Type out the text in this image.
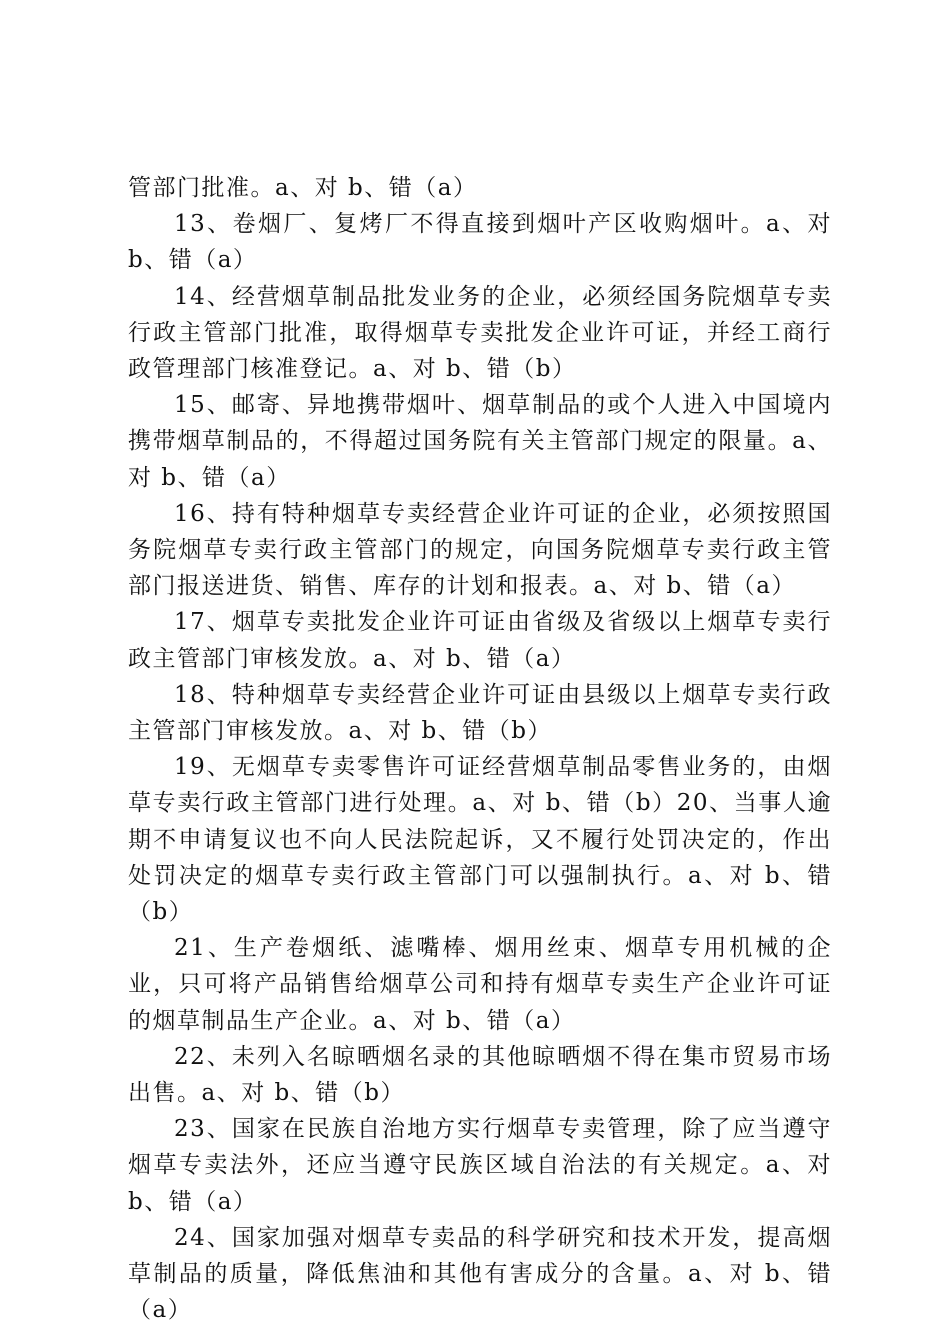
管部门批准。a、对 b、错（a）

13、卷烟厂、复烤厂不得直接到烟叶产区收购烟叶。a、对 b、错（a）

14、经营烟草制品批发业务的企业，必须经国务院烟草专卖行政主管部门批准，取得烟草专卖批发企业许可证，并经工商行政管理部门核准登记。a、对 b、错（b）

15、邮寄、异地携带烟叶、烟草制品的或个人进入中国境内携带烟草制品的，不得超过国务院有关主管部门规定的限量。a、对 b、错（a）

16、持有特种烟草专卖经营企业许可证的企业，必须按照国务院烟草专卖行政主管部门的规定，向国务院烟草专卖行政主管部门报送进货、销售、库存的计划和报表。a、对 b、错（a）

17、烟草专卖批发企业许可证由省级及省级以上烟草专卖行政主管部门审核发放。a、对 b、错（a）

18、特种烟草专卖经营企业许可证由县级以上烟草专卖行政主管部门审核发放。a、对 b、错（b）

19、无烟草专卖零售许可证经营烟草制品零售业务的，由烟草专卖行政主管部门进行处理。a、对 b、错（b）20、当事人逾期不申请复议也不向人民法院起诉，又不履行处罚决定的，作出处罚决定的烟草专卖行政主管部门可以强制执行。a、对 b、错（b）

21、生产卷烟纸、滤嘴棒、烟用丝束、烟草专用机械的企业，只可将产品销售给烟草公司和持有烟草专卖生产企业许可证的烟草制品生产企业。a、对 b、错（a）

22、未列入名晾晒烟名录的其他晾晒烟不得在集市贸易市场出售。a、对 b、错（b）

23、国家在民族自治地方实行烟草专卖管理，除了应当遵守烟草专卖法外，还应当遵守民族区域自治法的有关规定。a、对 b、错（a）

24、国家加强对烟草专卖品的科学研究和技术开发，提高烟草制品的质量，降低焦油和其他有害成分的含量。a、对 b、错（a）
